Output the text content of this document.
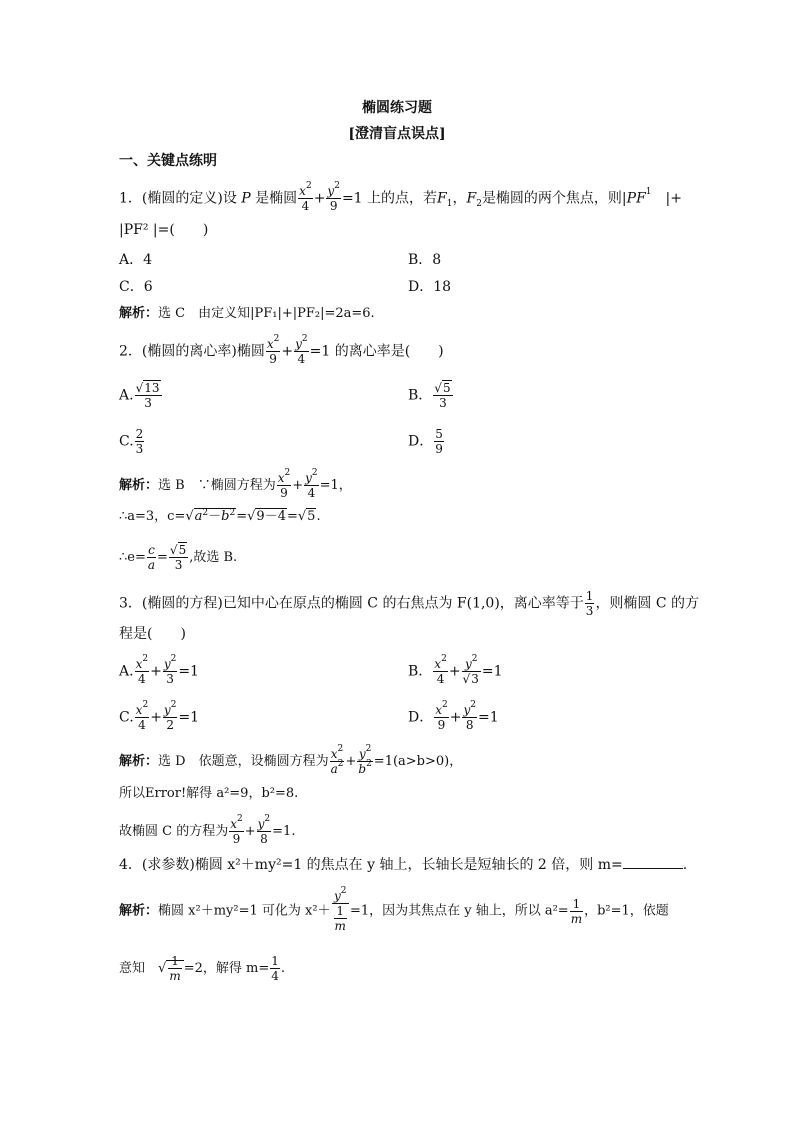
椭圆练习题
[澄清盲点误点]
一、关键点练明
1．(椭圆的定义)设 P 是椭圆 $\frac{x^2}{4} + \frac{y^2}{9} =1$ 上的点，若$F_1$，$F_2$是椭圆的两个焦点，则$|PF^1$　|+
|PF² |=(　　)
A．4	B．8
C．6	D．18
解析：选 C　由定义知|PF₁|+|PF₂|=2a=6.
2．(椭圆的离心率)椭圆 $\frac{x^2}{9} + \frac{y^2}{4} =1$ 的离心率是(　　)
A. $\frac{√13}{3}$	B． $\frac{√5}{3}$
C. $\frac{2}{3}$	D． $\frac{5}{9}$
解析：选 B　∵椭圆方程为 $\frac{x^2}{9} + \frac{y^2}{4} =1$，
∴a=3，$c=√a^2-b^2=√9-4=√5$.
∴e= $\frac{c}{a} = \frac{√5}{3}$ ,故选 B.
3．(椭圆的方程)已知中心在原点的椭圆 C 的右焦点为 F(1,0)，离心率等于 $\frac{1}{3}$ ，则椭圆 C 的方
程是(　　)
A. $\frac{x^2}{4} + \frac{y^2}{3} =1$	B． $\frac{x^2}{4} + \frac{y^2}{√3} =1$
C. $\frac{x^2}{4} + \frac{y^2}{2} =1$	D． $\frac{x^2}{9} + \frac{y^2}{8} =1$
解析：选 D　依题意，设椭圆方程为 $\frac{x^2}{a^2} + \frac{y^2}{b^2} =1(a>b>0)$，
所以Error!解得 a²=9，b²=8.
故椭圆 C 的方程为 $\frac{x^2}{9} + \frac{y^2}{8} =1$.
4．(求参数)椭圆 x²＋my²=1 的焦点在 y 轴上，长轴长是短轴长的 2 倍，则 m=	.
解析：椭圆 x²＋my²=1 可化为 $x^2+ \frac{y^2}{\frac{1}{m}} =1$，因为其焦点在 y 轴上，所以 $a^2= \frac{1}{m}$ ，b²=1，依题
意知　√ $\frac{1}{m} =2$，解得 $m= \frac{1}{4}$ .
